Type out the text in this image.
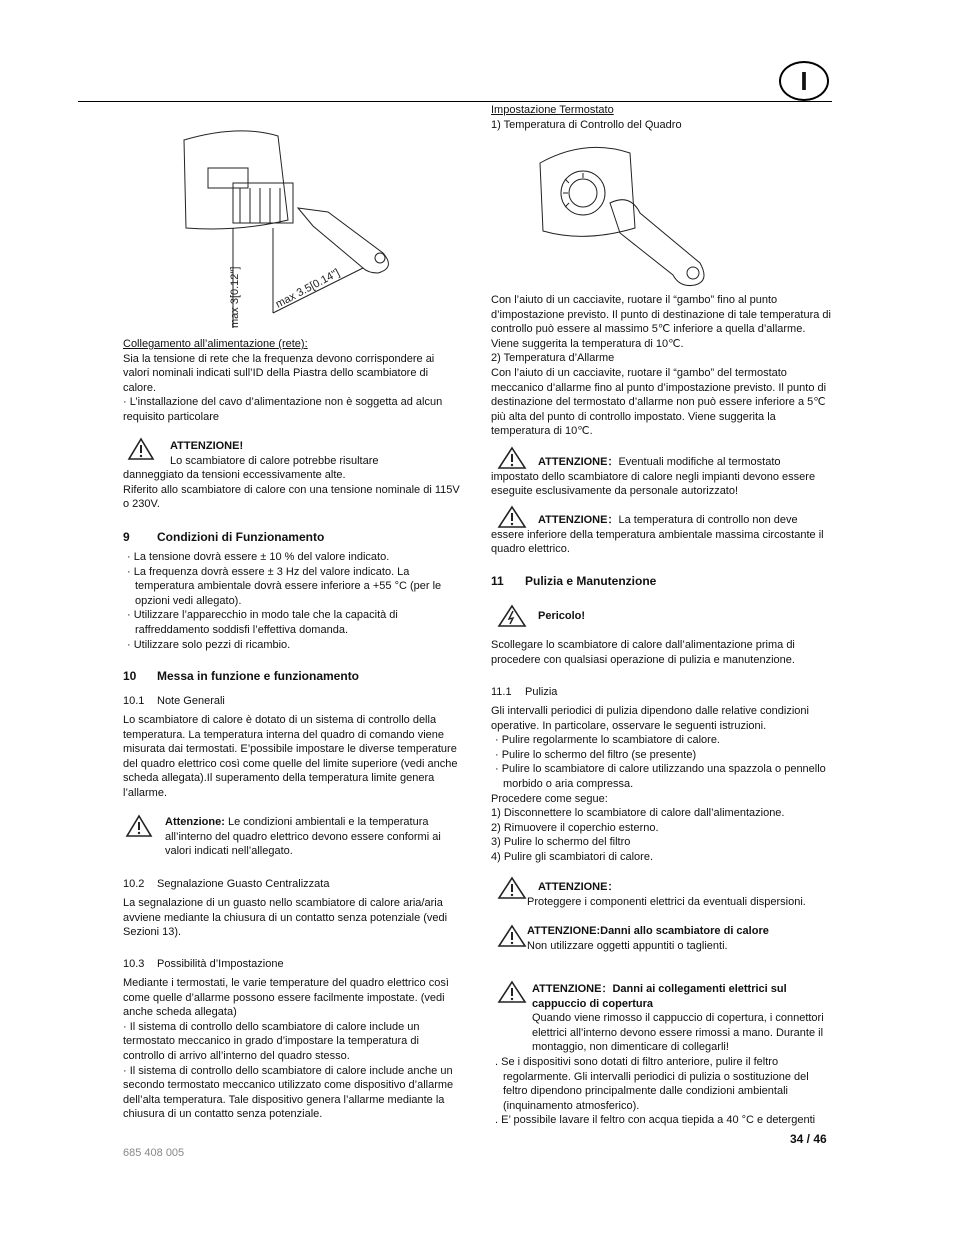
I
max 3[0.12"]	max 3.5[0.14"]
Collegamento all’alimentazione (rete):
Sia la tensione di rete che la frequenza devono corrispondere ai valori nominali indicati sull’ID della Piastra dello scambiatore di calore.
· L’installazione del cavo d’alimentazione non è soggetta ad alcun requisito particolare
ATTENZIONE!
Lo scambiatore di calore potrebbe risultare
danneggiato da tensioni eccessivamente alte.
Riferito allo scambiatore di calore con una tensione nominale di 115V o 230V.
9 Condizioni di Funzionamento
· La tensione dovrà essere ± 10 % del valore indicato.
· La frequenza dovrà essere ± 3 Hz del valore indicato. La temperatura ambientale dovrà essere inferiore a +55 °C (per le opzioni vedi allegato).
· Utilizzare l’apparecchio in modo tale che la capacità di raffreddamento soddisfi l’effettiva domanda.
· Utilizzare solo pezzi di ricambio.
10 Messa in funzione e funzionamento
10.1 Note Generali
Lo scambiatore di calore è dotato di un sistema di controllo della temperatura. La temperatura interna del quadro di comando viene misurata dai termostati. E’possibile impostare le diverse temperature del quadro elettrico così come quelle del limite superiore (vedi anche scheda allegata).Il superamento della temperatura limite genera l’allarme.
Attenzione: Le condizioni ambientali e la temperatura all’interno del quadro elettrico devono essere conformi ai valori indicati nell’allegato.
10.2 Segnalazione Guasto Centralizzata
La segnalazione di un guasto nello scambiatore di calore aria/aria avviene mediante la chiusura di un contatto senza potenziale (vedi Sezioni 13).
10.3 Possibilità d’Impostazione
Mediante i termostati, le varie temperature del quadro elettrico così come quelle d’allarme possono essere facilmente impostate. (vedi anche scheda allegata)
· Il sistema di controllo dello scambiatore di calore include un termostato meccanico in grado d’impostare la temperatura di controllo di arrivo all’interno del quadro stesso.
· Il sistema di controllo dello scambiatore di calore include anche un secondo termostato meccanico utilizzato come dispositivo d’allarme dell’alta temperatura. Tale dispositivo genera l’allarme mediante la chiusura di un contatto senza potenziale.
Impostazione Termostato
1) Temperatura di Controllo del Quadro
Con l’aiuto di un cacciavite, ruotare il “gambo” fino al punto d’impostazione previsto. Il punto di destinazione di tale temperatura di controllo può essere al massimo 5℃ inferiore a quella d’allarme. Viene suggerita la temperatura di 10℃.
2) Temperatura d’Allarme
Con l’aiuto di un cacciavite, ruotare il “gambo” del termostato meccanico d’allarme fino al punto d’impostazione previsto. Il punto di destinazione del termostato d’allarme non può essere inferiore a 5℃ più alta del punto di controllo impostato. Viene suggerita la temperatura di 10℃.
ATTENZIONE：Eventuali modifiche al termostato impostato dello scambiatore di calore negli impianti devono essere eseguite esclusivamente da personale autorizzato!
ATTENZIONE：La temperatura di controllo non deve essere inferiore della temperatura ambientale massima circostante il quadro elettrico.
11 Pulizia e Manutenzione
Pericolo!
Scollegare lo scambiatore di calore dall’alimentazione prima di procedere con qualsiasi operazione di pulizia e manutenzione.
11.1 Pulizia
Gli intervalli periodici di pulizia dipendono dalle relative condizioni operative. In particolare, osservare le seguenti istruzioni.
· Pulire regolarmente lo scambiatore di calore.
· Pulire lo schermo del filtro (se presente)
· Pulire lo scambiatore di calore utilizzando una spazzola o pennello morbido o aria compressa.
Procedere come segue:
1) Disconnettere lo scambiatore di calore dall’alimentazione.
2) Rimuovere il coperchio esterno.
3) Pulire lo schermo del filtro
4) Pulire gli scambiatori di calore.
ATTENZIONE：
Proteggere i componenti elettrici da eventuali dispersioni.
ATTENZIONE:Danni allo scambiatore di calore
Non utilizzare oggetti appuntiti o taglienti.
ATTENZIONE：Danni ai collegamenti elettrici sul cappuccio di copertura
Quando viene rimosso il cappuccio di copertura, i connettori elettrici all’interno devono essere rimossi a mano. Durante il montaggio, non dimenticare di collegarli!
. Se i dispositivi sono dotati di filtro anteriore, pulire il feltro regolarmente. Gli intervalli periodici di pulizia o sostituzione del feltro dipendono principalmente dalle condizioni ambientali (inquinamento atmosferico).
. E’ possibile lavare il feltro con acqua tiepida a 40 °C e detergenti
34 / 46
685 408 005
